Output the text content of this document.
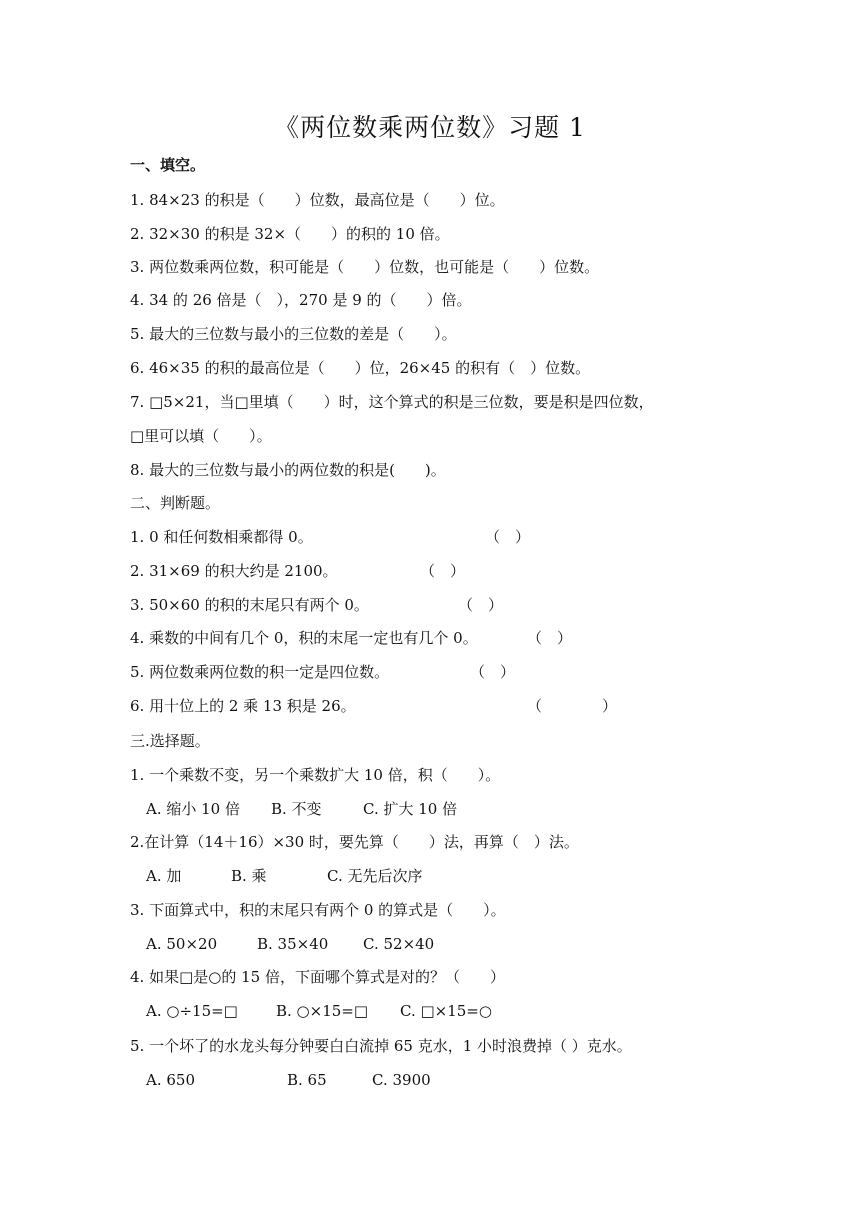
《两位数乘两位数》习题 1
一、填空。
1. 84×23 的积是（　　）位数，最高位是（　　）位。
2. 32×30 的积是 32×（　　）的积的 10 倍。
3. 两位数乘两位数，积可能是（　　）位数，也可能是（　　）位数。
4. 34 的 26 倍是（　），270 是 9 的（　　）倍。
5. 最大的三位数与最小的三位数的差是（　　）。
6. 46×35 的积的最高位是（　　）位，26×45 的积有（　）位数。
7. □5×21，当□里填（　　）时，这个算式的积是三位数，要是积是四位数，
□里可以填（　　）。
8. 最大的三位数与最小的两位数的积是(　　)。
二、判断题。
1. 0 和任何数相乘都得 0。	（　）
2. 31×69 的积大约是 2100。	（　）
3. 50×60 的积的末尾只有两个 0。	（　）
4. 乘数的中间有几个 0，积的末尾一定也有几个 0。	（　）
5. 两位数乘两位数的积一定是四位数。	（　）
6. 用十位上的 2 乘 13 积是 26。	（　　　　）
三.选择题。
1. 一个乘数不变，另一个乘数扩大 10 倍，积（　　）。
A. 缩小 10 倍 B. 不变	C. 扩大 10 倍
2.在计算（14＋16）×30 时，要先算（　　）法，再算（　）法。
A. 加	B. 乘	C. 无先后次序
3. 下面算式中，积的末尾只有两个 0 的算式是（　　）。
A. 50×20	B. 35×40 C. 52×40
4. 如果□是○的 15 倍，下面哪个算式是对的？（　　）
A. ○÷15=□	B. ○×15=□ C. □×15=○
5. 一个坏了的水龙头每分钟要白白流掉 65 克水，1 小时浪费掉（ ）克水。
A. 650	B. 65	C. 3900
